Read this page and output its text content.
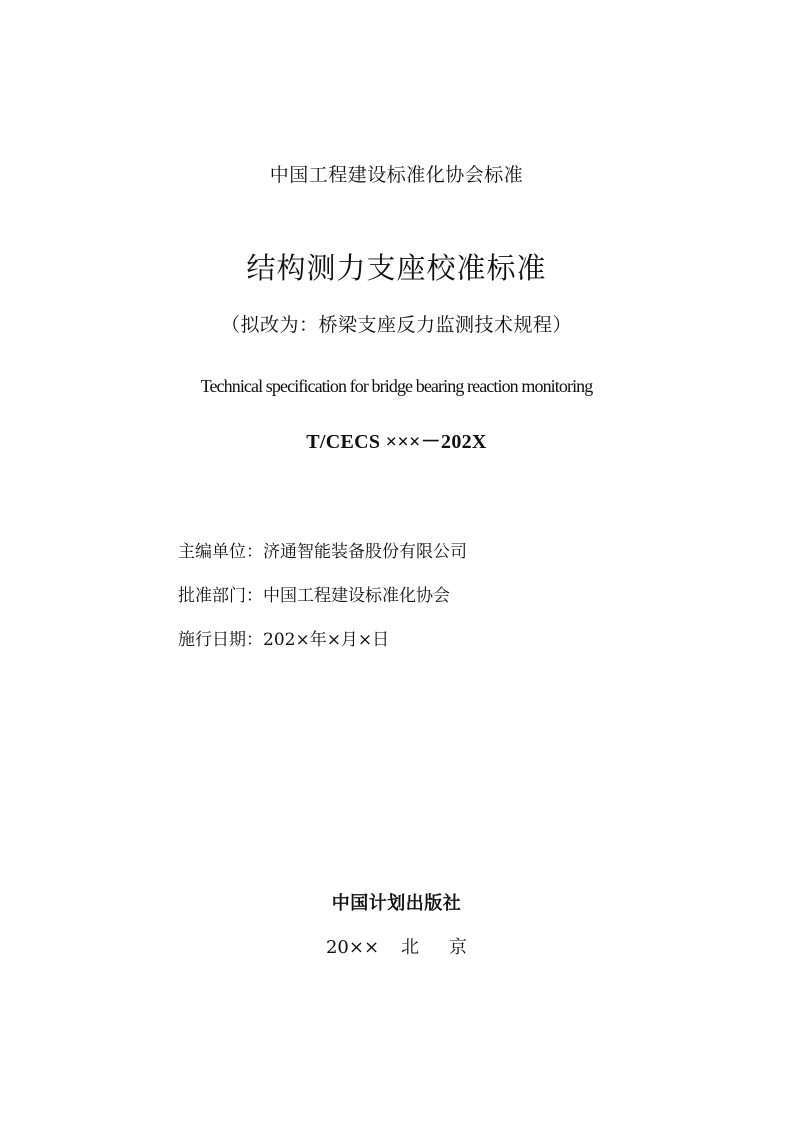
中国工程建设标准化协会标准
结构测力支座校准标准
（拟改为：桥梁支座反力监测技术规程）
Technical specification for bridge bearing reaction monitoring
T/CECS ×××－202X
主编单位：济通智能装备股份有限公司
批准部门：中国工程建设标准化协会
施行日期：202×年×月×日
中国计划出版社
20×× 北 京
